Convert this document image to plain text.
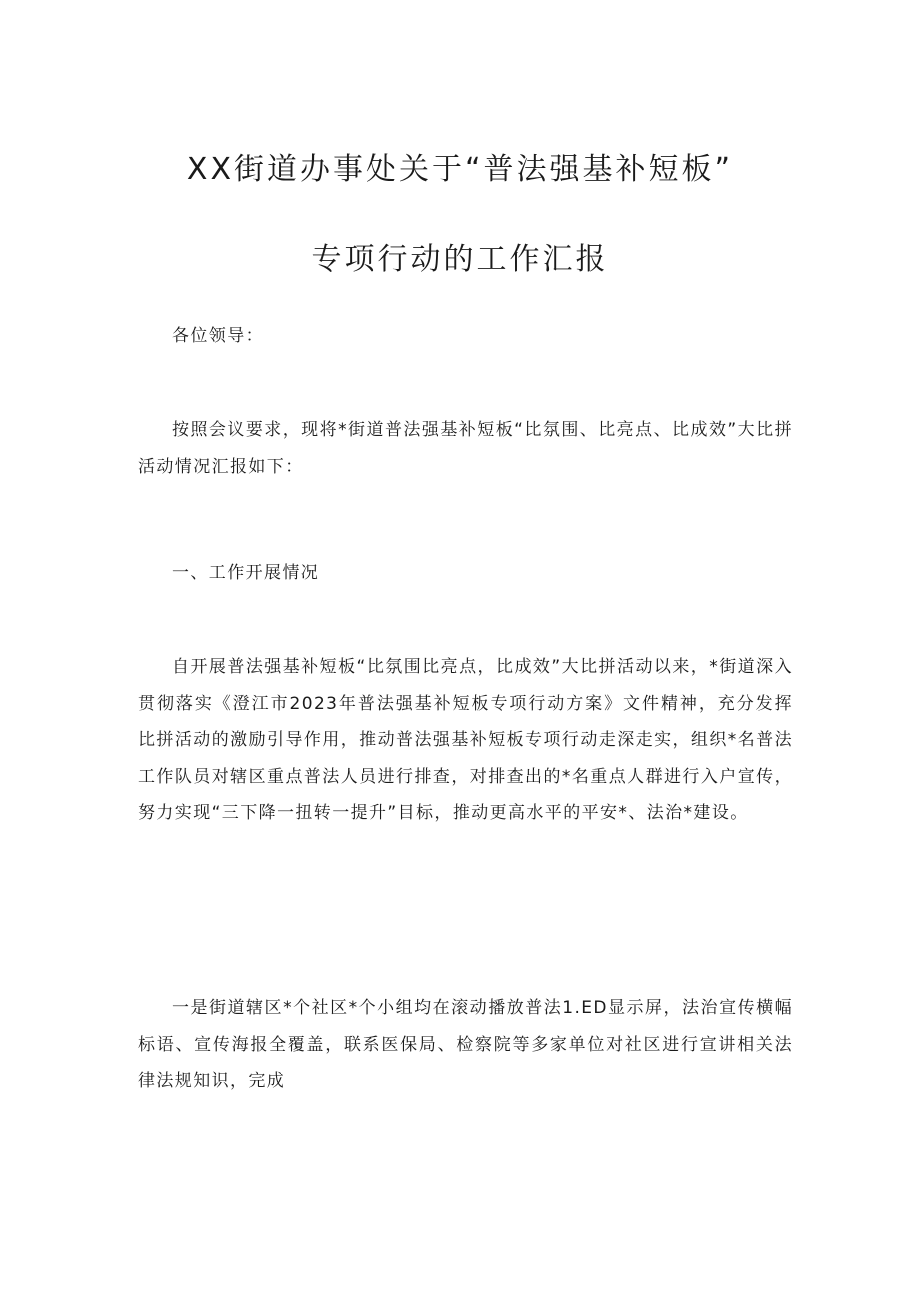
XX街道办事处关于“普法强基补短板”
专项行动的工作汇报
各位领导：
按照会议要求，现将*街道普法强基补短板“比氛围、比亮点、比成效”大比拼活动情况汇报如下：
一、工作开展情况
自开展普法强基补短板“比氛围比亮点，比成效”大比拼活动以来，*街道深入贯彻落实《澄江市2023年普法强基补短板专项行动方案》文件精神，充分发挥比拼活动的激励引导作用，推动普法强基补短板专项行动走深走实，组织*名普法工作队员对辖区重点普法人员进行排查，对排查出的*名重点人群进行入户宣传，努力实现“三下降一扭转一提升”目标，推动更高水平的平安*、法治*建设。
一是街道辖区*个社区*个小组均在滚动播放普法1.ED显示屏，法治宣传横幅标语、宣传海报全覆盖，联系医保局、检察院等多家单位对社区进行宣讲相关法律法规知识，完成
